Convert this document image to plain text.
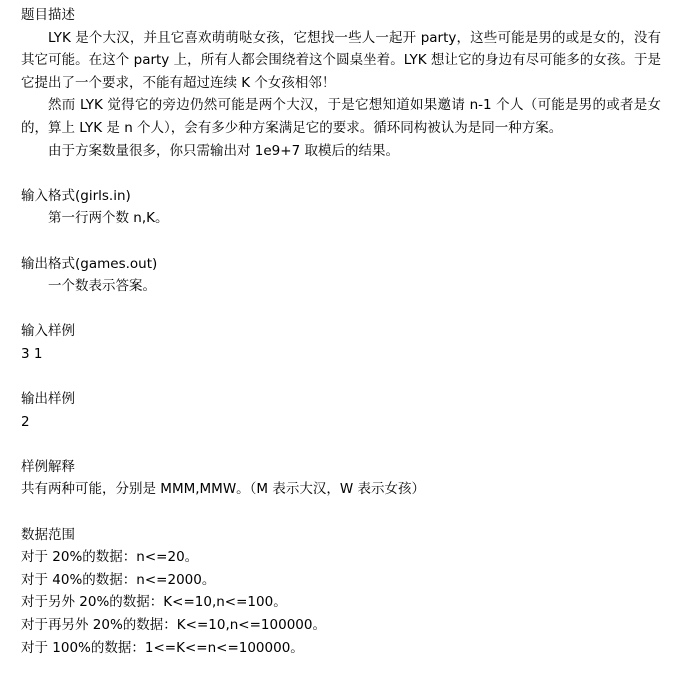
题目描述

LYK 是个大汉，并且它喜欢萌萌哒女孩，它想找一些人一起开 party，这些可能是男的或是女的，没有其它可能。在这个 party 上，所有人都会围绕着这个圆桌坐着。LYK 想让它的身边有尽可能多的女孩。于是它提出了一个要求，不能有超过连续 K 个女孩相邻！

然而 LYK 觉得它的旁边仍然可能是两个大汉，于是它想知道如果邀请 n-1 个人（可能是男的或者是女的，算上 LYK 是 n 个人），会有多少种方案满足它的要求。循环同构被认为是同一种方案。

由于方案数量很多，你只需输出对 1e9+7 取模后的结果。

输入格式(girls.in)
第一行两个数 n,K。
输出格式(games.out)
一个数表示答案。
输入样例
3 1
输出样例
2
样例解释
共有两种可能，分别是 MMM,MMW。（M 表示大汉，W 表示女孩）
数据范围
对于 20%的数据：n<=20。
对于 40%的数据：n<=2000。
对于另外 20%的数据：K<=10,n<=100。
对于再另外 20%的数据：K<=10,n<=100000。
对于 100%的数据：1<=K<=n<=100000。
